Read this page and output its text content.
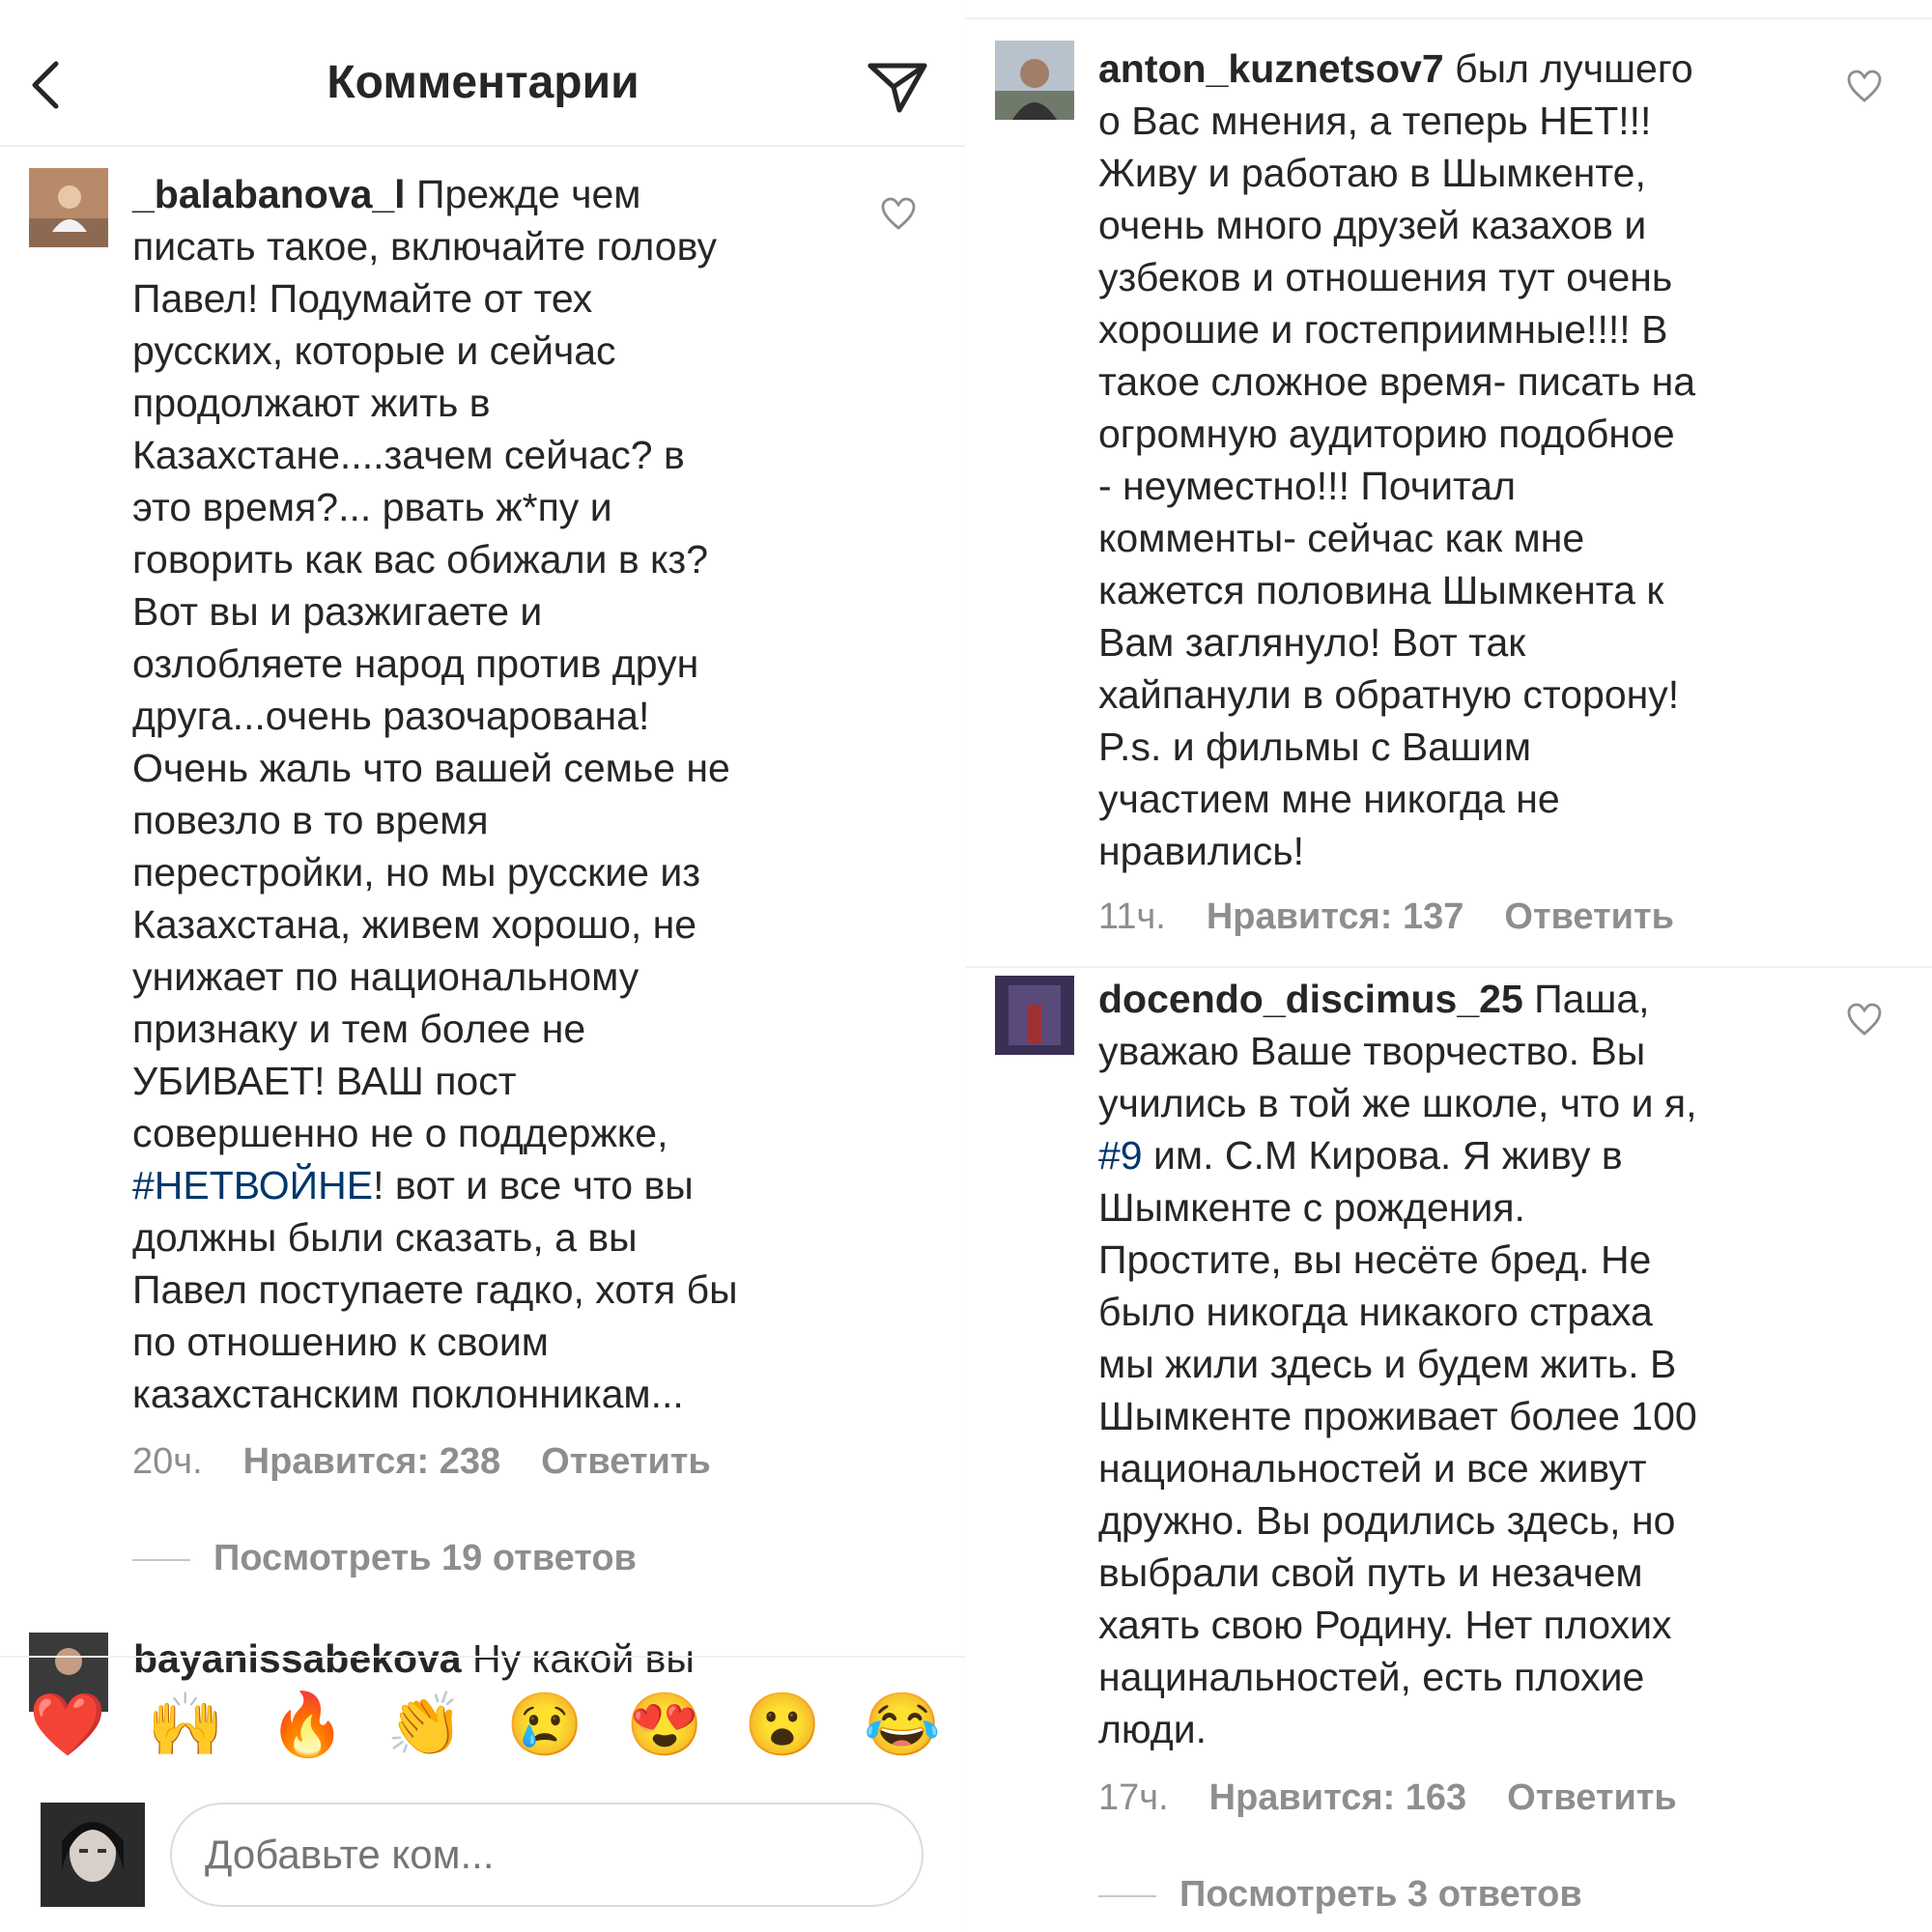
Комментарии
_balabanova_l Прежде чем
писать такое, включайте голову
Павел! Подумайте от тех
русских, которые и сейчас
продолжают жить в
Казахстане....зачем сейчас? в
это время?... рвать ж*пу и
говорить как вас обижали в кз?
Вот вы и разжигаете и
озлобляете народ против друн
друга...очень разочарована!
Очень жаль что вашей семье не
повезло в то время
перестройки, но мы русские из
Казахстана, живем хорошо, не
унижает по национальному
признаку и тем более не
УБИВАЕТ! ВАШ пост
совершенно не о поддержке,
#НЕТВОЙНЕ! вот и все что вы
должны были сказать, а вы
Павел поступаете гадко, хотя бы
по отношению к своим
казахстанским поклонникам...
20ч. Нравится: 238 Ответить
Посмотреть 19 ответов
bayanissabekova Ну какой вы
❤️ 🙌 🔥 👏 😢 😍 😮 😂
Добавьте ком...
anton_kuznetsov7 был лучшего
о Вас мнения, а теперь НЕТ!!!
Живу и работаю в Шымкенте,
очень много друзей казахов и
узбеков и отношения тут очень
хорошие и гостеприимные!!!! В
такое сложное время- писать на
огромную аудиторию подобное
- неуместно!!! Почитал
комменты- сейчас как мне
кажется половина Шымкента к
Вам заглянуло! Вот так
хайпанули в обратную сторону!
P.s. и фильмы с Вашим
участием мне никогда не
нравились!
11ч. Нравится: 137 Ответить
docendo_discimus_25 Паша,
уважаю Ваше творчество. Вы
учились в той же школе, что и я,
#9 им. С.М Кирова. Я живу в
Шымкенте с рождения.
Простите, вы несёте бред. Не
было никогда никакого страха
мы жили здесь и будем жить. В
Шымкенте проживает более 100
национальностей и все живут
дружно. Вы родились здесь, но
выбрали свой путь и незачем
хаять свою Родину. Нет плохих
нацинальностей, есть плохие
люди.
17ч. Нравится: 163 Ответить
Посмотреть 3 ответов
